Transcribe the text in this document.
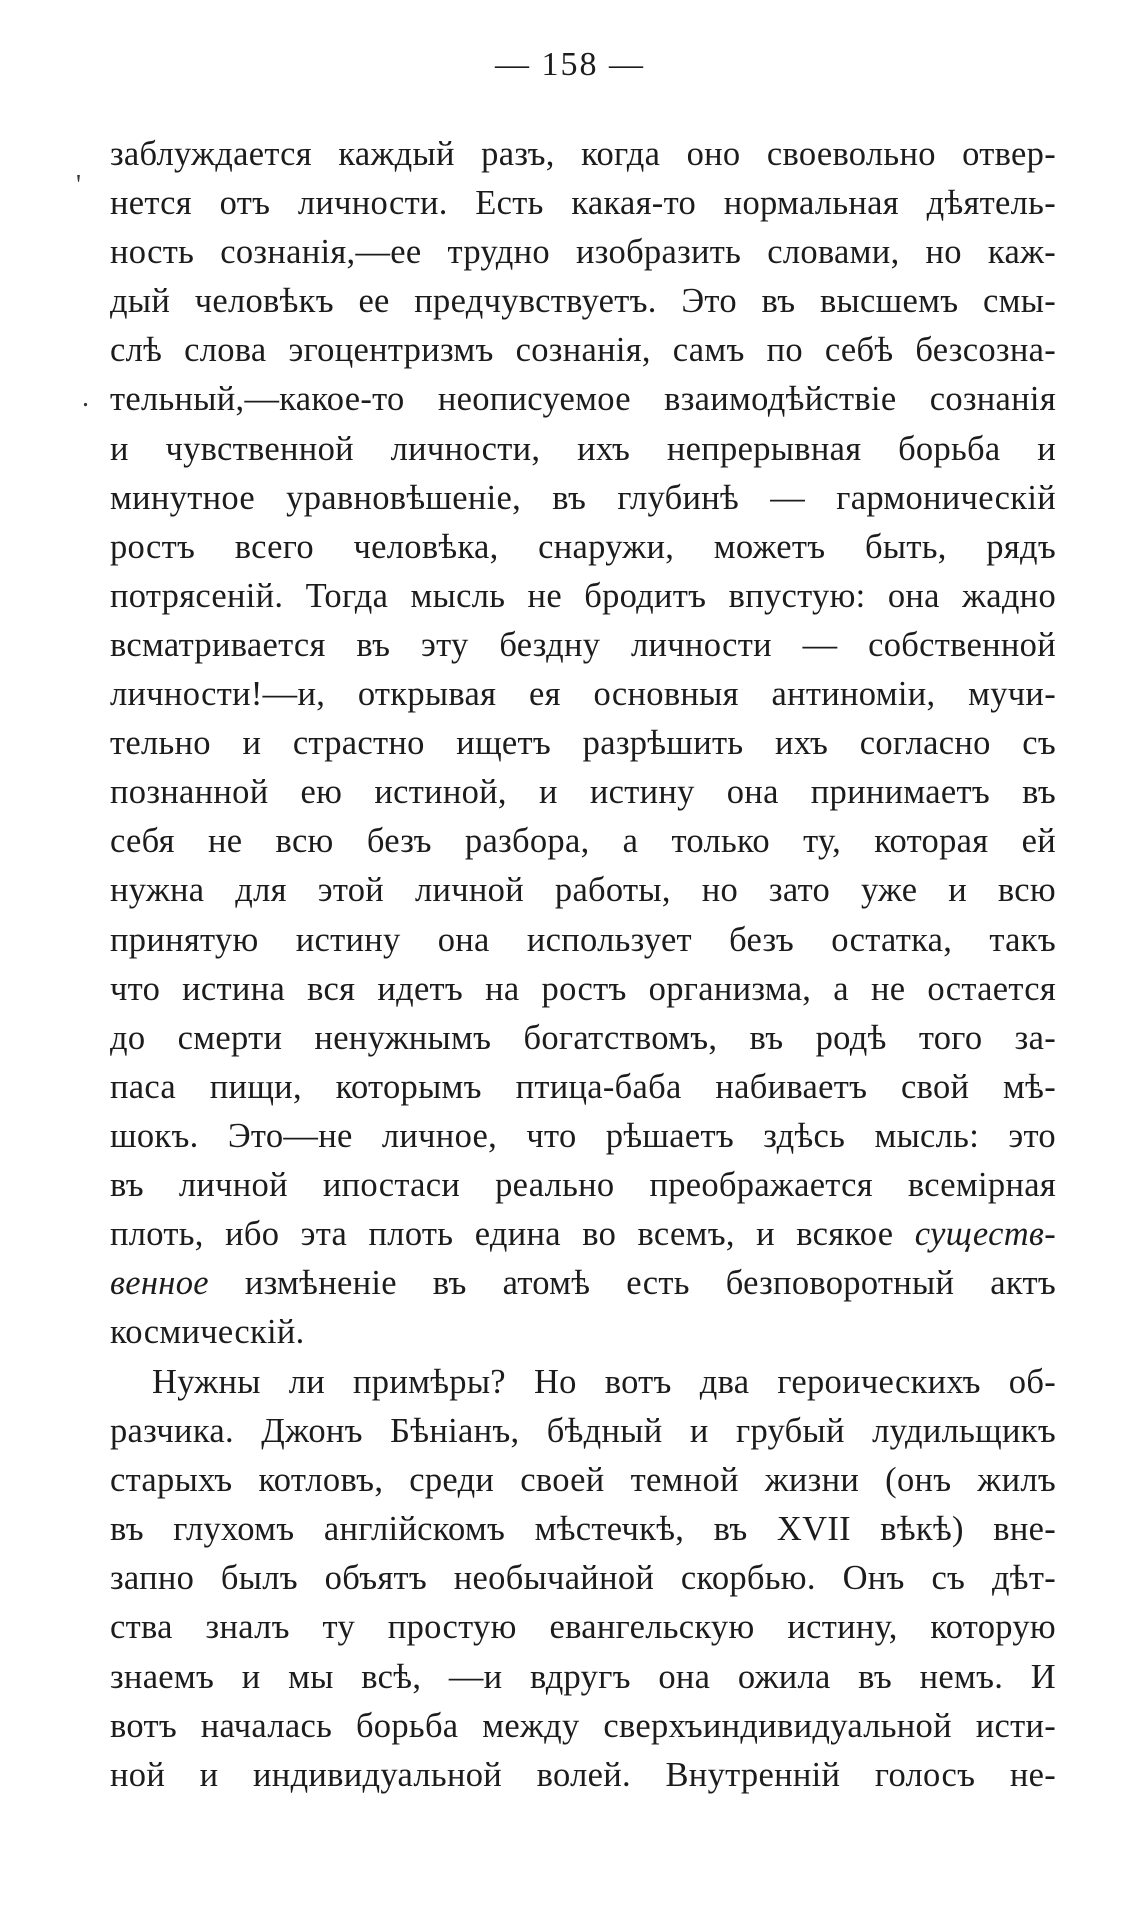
— 158 —
'
.
заблуждается каждый разъ, когда оно своевольно отвер-
нется отъ личности. Есть какая-то нормальная дѣятель-
ность сознанія,—ее трудно изобразить словами, но каж-
дый человѣкъ ее предчувствуетъ. Это въ высшемъ смы-
слѣ слова эгоцентризмъ сознанія, самъ по себѣ безсозна-
тельный,—какое-то неописуемое взаимодѣйствіе сознанія
и чувственной личности, ихъ непрерывная борьба и
минутное уравновѣшеніе, въ глубинѣ — гармоническій
ростъ всего человѣка, снаружи, можетъ быть, рядъ
потрясеній. Тогда мысль не бродитъ впустую: она жадно
всматривается въ эту бездну личности — собственной
личности!—и, открывая ея основныя антиноміи, мучи-
тельно и страстно ищетъ разрѣшить ихъ согласно съ
познанной ею истиной, и истину она принимаетъ въ
себя не всю безъ разбора, а только ту, которая ей
нужна для этой личной работы, но зато уже и всю
принятую истину она использует безъ остатка, такъ
что истина вся идетъ на ростъ организма, а не остается
до смерти ненужнымъ богатствомъ, въ родѣ того за-
паса пищи, которымъ птица-баба набиваетъ свой мѣ-
шокъ. Это—не личное, что рѣшаетъ здѣсь мысль: это
въ личной ипостаси реально преображается всемірная
плоть, ибо эта плоть едина во всемъ, и всякое существ-
венное измѣненіе въ атомѣ есть безповоротный актъ
космическій.
Нужны ли примѣры? Но вотъ два героическихъ об-
разчика. Джонъ Бѣніанъ, бѣдный и грубый лудильщикъ
старыхъ котловъ, среди своей темной жизни (онъ жилъ
въ глухомъ англійскомъ мѣстечкѣ, въ XVII вѣкѣ) вне-
запно былъ объятъ необычайной скорбью. Онъ съ дѣт-
ства зналъ ту простую евангельскую истину, которую
знаемъ и мы всѣ, —и вдругъ она ожила въ немъ. И
вотъ началась борьба между сверхъиндивидуальной исти-
ной и индивидуальной волей. Внутренній голосъ не-
